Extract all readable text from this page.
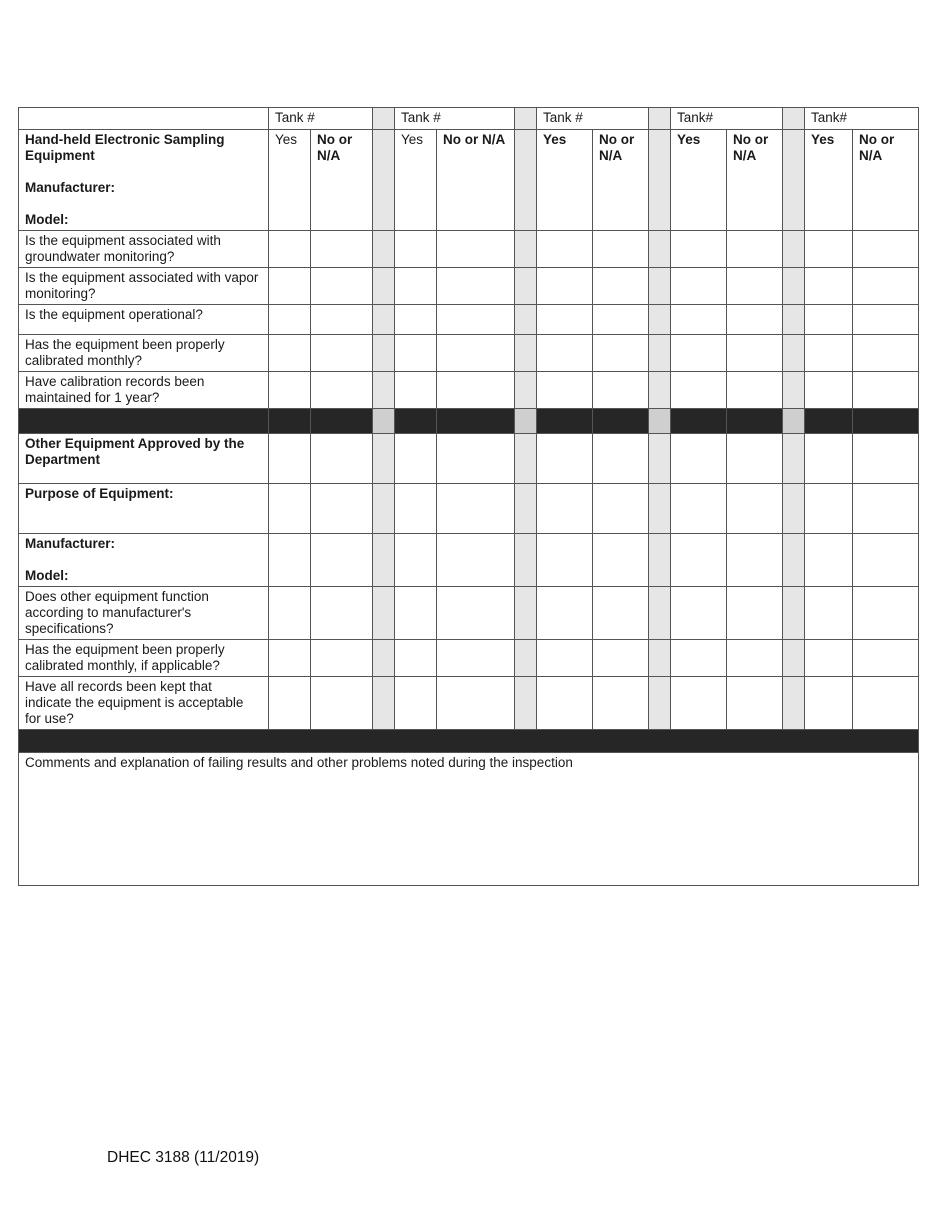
	Tank #			Tank #			Tank #			Tank#			Tank#	

Hand-held Electronic Sampling Equipment
Manufacturer:
Model:	Yes	No or N/A		Yes	No or N/A		Yes	No or N/A		Yes	No or N/A		Yes	No or N/A
Is the equipment associated with groundwater monitoring?														
Is the equipment associated with vapor monitoring?														
Is the equipment operational?														
Has the equipment been properly calibrated monthly?														
Have calibration records been maintained for 1 year?														

Other Equipment Approved by the Department														
Purpose of Equipment:														

Manufacturer:
Model:														

Does other equipment function according to manufacturer's specifications?														
Has the equipment been properly calibrated monthly, if applicable?														
Have all records been kept that indicate the equipment is acceptable for use?														

Comments and explanation of failing results and other problems noted during the inspection														
DHEC 3188 (11/2019)
